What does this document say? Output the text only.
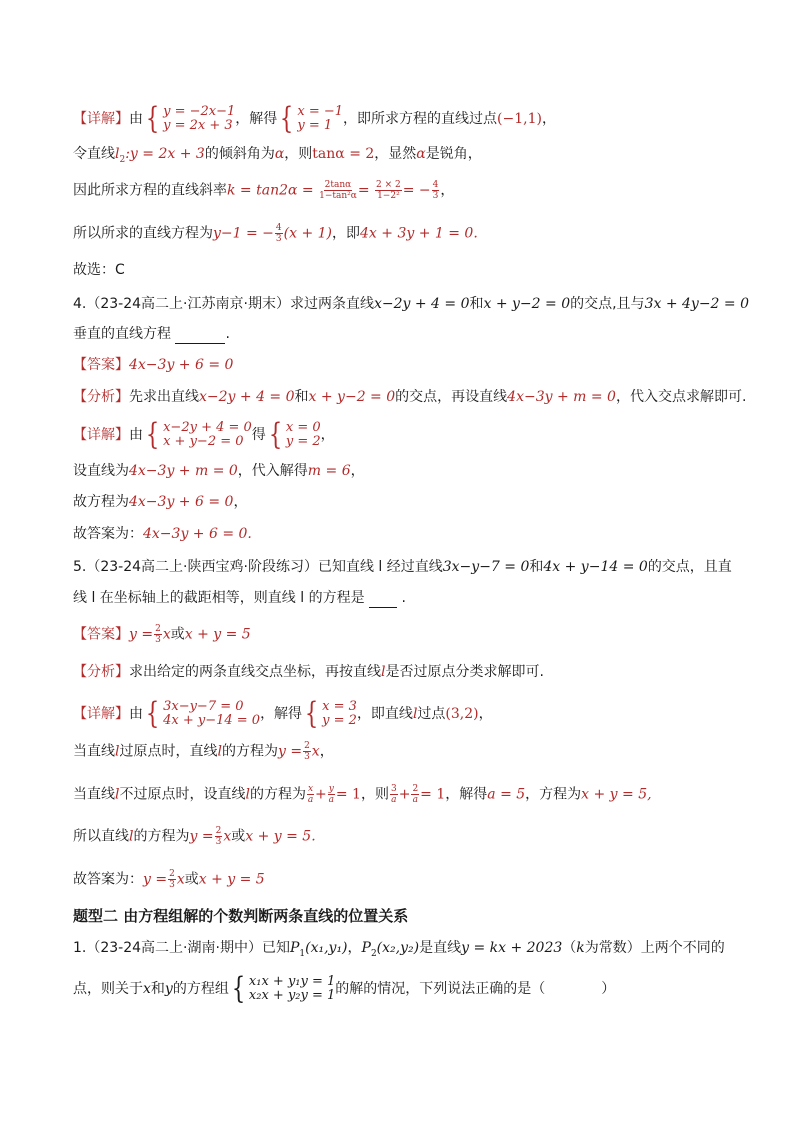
【详解】由 { y = −2x−1
y = 2x + 3 ，解得 { x = −1
y = 1 ，即所求方程的直线过点(−1,1)，
令直线$l_2:y = 2x + 3$的倾斜角为α，则tanα = 2，显然α是锐角，
因此所求方程的直线斜率$k = \tan 2\alpha = \frac{2\tan\alpha}{\text{1−tan²α}} = \frac{2 \times 2}{\text{1−2²}}$ = − $\frac{4}{3}$ ，
所以所求的直线方程为y−1 = − $\frac{4}{3} (x + 1)$，即4x + 3y + 1 = 0.
故选：C
4.（23-24高二上·江苏南京·期末）求过两条直线x−2y + 4 = 0和x + y−2 = 0的交点,且与3x + 4y−2 = 0
垂直的直线方程	.
【答案】4x−3y + 6 = 0
【分析】先求出直线x−2y + 4 = 0和x + y−2 = 0的交点，再设直线4x−3y + m = 0，代入交点求解即可.
【详解】由 { x−2y + 4 = 0
x + y−2 = 0 得 { x = 0
y = 2 ，
设直线为4x−3y + m = 0，代入解得m = 6，
故方程为4x−3y + 6 = 0，
故答案为：4x−3y + 6 = 0.
5.（23-24高二上·陕西宝鸡·阶段练习）已知直线 l 经过直线3x−y−7 = 0和4x + y−14 = 0的交点，且直
线 l 在坐标轴上的截距相等，则直线 l 的方程是	.
【答案】$y = \frac{2}{3}$ x或x + y = 5
【分析】求出给定的两条直线交点坐标，再按直线l是否过原点分类求解即可.
【详解】由 { 3x−y−7 = 0
4x + y−14 = 0 ，解得 { x = 3
y = 2 ，即直线l过点(3,2)，
当直线l过原点时，直线l的方程为$y = \frac{2}{3}$ x，
当直线l不过原点时，设直线l的方程为 $\frac{x}{a} + \frac{y}{a} = 1$，则 $\frac{3}{a} + \frac{2}{a} = 1$，解得a = 5，方程为x + y = 5,
所以直线l的方程为$y = \frac{2}{3}$ x或x + y = 5.
故答案为：$y = \frac{2}{3}$ x或x + y = 5
题型二 由方程组解的个数判断两条直线的位置关系
1.（23-24高二上·湖南·期中）已知$P_1(x_1,y_1)$，$P_2(x_2,y_2)$是直线y = kx + 2023（k为常数）上两个不同的
点，则关于x和y的方程组 { x₁x + y₁y = 1
x₂x + y₂y = 1 的解的情况，下列说法正确的是（	）
